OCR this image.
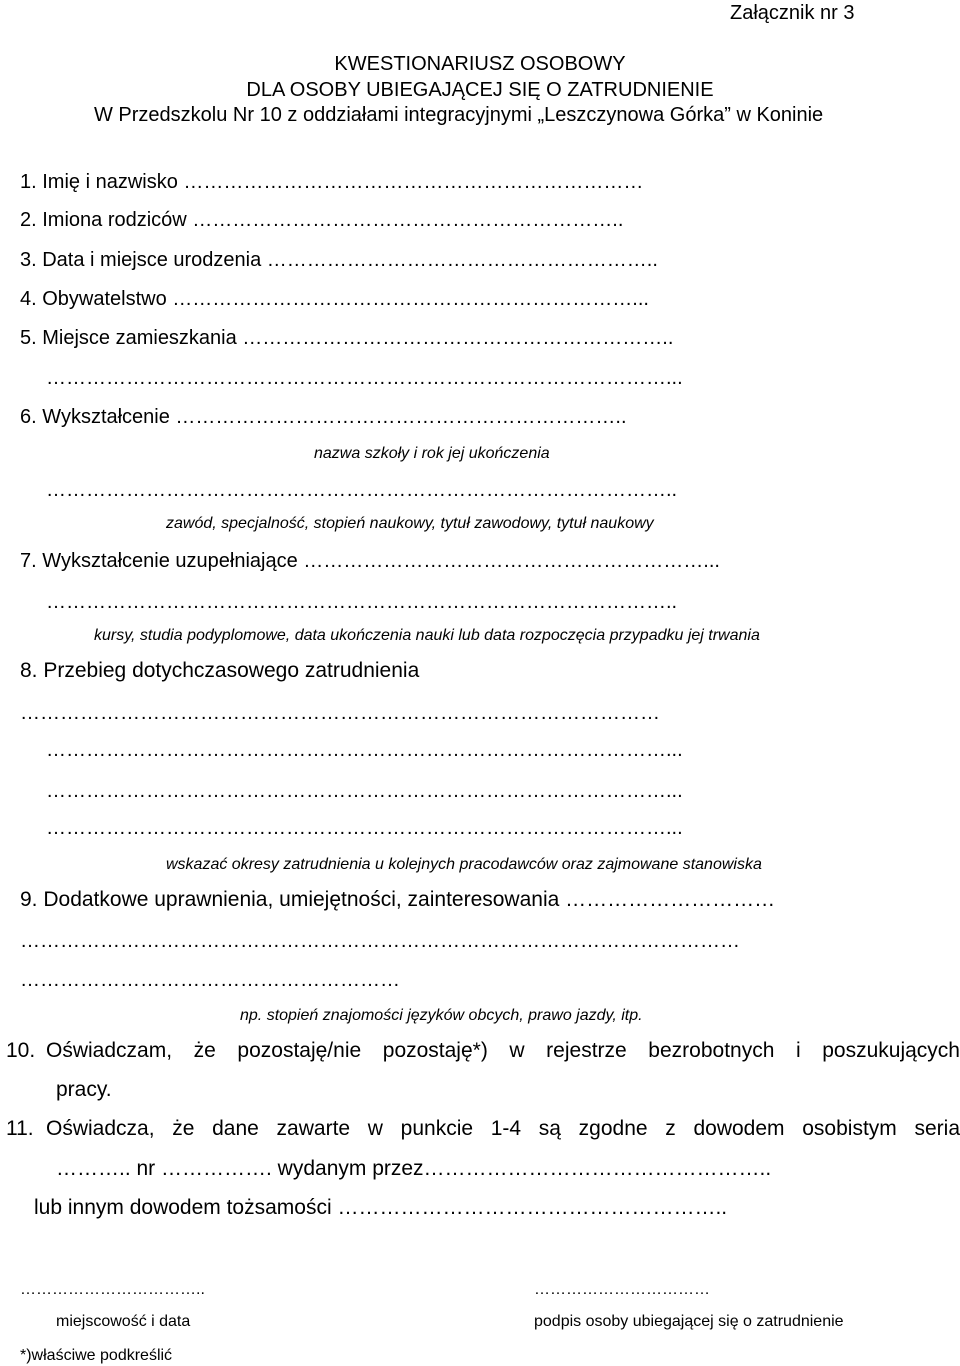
Załącznik nr 3
KWESTIONARIUSZ OSOBOWY
DLA OSOBY UBIEGAJĄCEJ SIĘ O ZATRUDNIENIE
W Przedszkolu Nr 10 z oddziałami integracyjnymi „Leszczynowa Górka” w Koninie
1. Imię i nazwisko ……………………………………………………………
2. Imiona rodziców ………………………………………………………..
3. Data i miejsce urodzenia …………………………………………………..
4. Obywatelstwo ……………………………………………………………...
5. Miejsce zamieszkania ………………………………………………………..
…………………………………………………………………………………...
6. Wykształcenie …………………………………………………………..
nazwa szkoły i rok jej ukończenia
…………………………………………………………………………………..
zawód, specjalność, stopień naukowy, tytuł zawodowy, tytuł naukowy
7. Wykształcenie uzupełniające ……………………………………………………...
…………………………………………………………………………………..
kursy, studia podyplomowe, data ukończenia nauki lub data rozpoczęcia przypadku jej trwania
8. Przebieg dotychczasowego zatrudnienia
……………………………………………………………………………………
…………………………………………………………………………………...
…………………………………………………………………………………...
…………………………………………………………………………………...
wskazać okresy zatrudnienia u kolejnych pracodawców oraz zajmowane stanowiska
9. Dodatkowe uprawnienia, umiejętności, zainteresowania …………………………
………………………………………………………………………………………………
…………………………………………………
np. stopień znajomości języków obcych, prawo jazdy, itp.
10. Oświadczam, że pozostaję/nie pozostaję*) w rejestrze bezrobotnych i poszukujących
pracy.
11. Oświadcza, że dane zawarte w punkcie 1-4 są zgodne z dowodem osobistym seria
……….. nr ……………. wydanym przez…………………………………………..
lub innym dowodem tożsamości ………………………………………………..
……………………………..
miejscowość i data
……………………………
podpis osoby ubiegającej się o zatrudnienie
*)właściwe podkreślić
